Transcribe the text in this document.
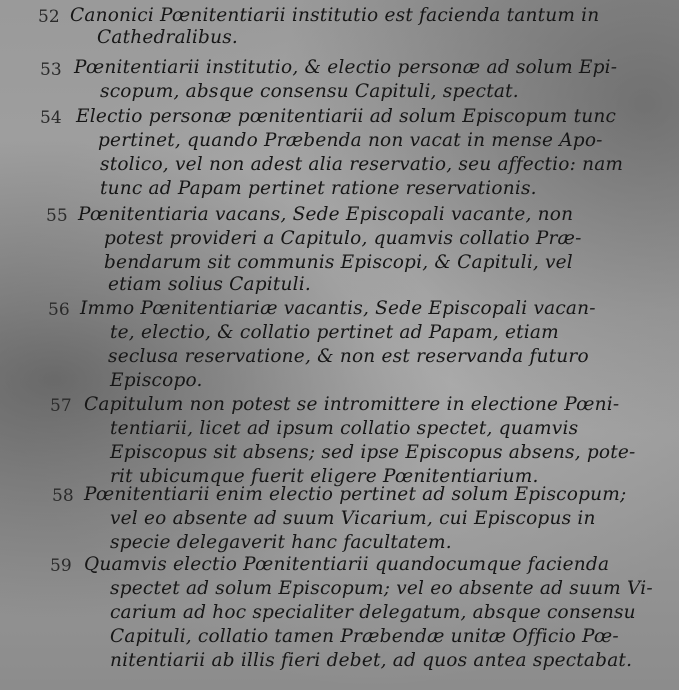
52 Canonici Pœnitentiarii institutio est facienda tantum in
Cathedralibus.
53 Pœnitentiarii institutio, & electio personæ ad solum Epi-
scopum, absque consensu Capituli, spectat.
54 Electio personæ pœnitentiarii ad solum Episcopum tunc
pertinet, quando Præbenda non vacat in mense Apo-
stolico, vel non adest alia reservatio, seu affectio: nam
tunc ad Papam pertinet ratione reservationis.
55 Pœnitentiaria vacans, Sede Episcopali vacante, non
potest provideri a Capitulo, quamvis collatio Præ-
bendarum sit communis Episcopi, & Capituli, vel
etiam solius Capituli.
56 Immo Pœnitentiariæ vacantis, Sede Episcopali vacan-
te, electio, & collatio pertinet ad Papam, etiam
seclusa reservatione, & non est reservanda futuro
Episcopo.
57 Capitulum non potest se intromittere in electione Pœni-
tentiarii, licet ad ipsum collatio spectet, quamvis
Episcopus sit absens; sed ipse Episcopus absens, pote-
rit ubicumque fuerit eligere Pœnitentiarium.
58 Pœnitentiarii enim electio pertinet ad solum Episcopum;
vel eo absente ad suum Vicarium, cui Episcopus in
specie delegaverit hanc facultatem.
59 Quamvis electio Pœnitentiarii quandocumque facienda
spectet ad solum Episcopum; vel eo absente ad suum Vi-
carium ad hoc specialiter delegatum, absque consensu
Capituli, collatio tamen Præbendæ unitæ Officio Pœ-
nitentiarii ab illis fieri debet, ad quos antea spectabat.
